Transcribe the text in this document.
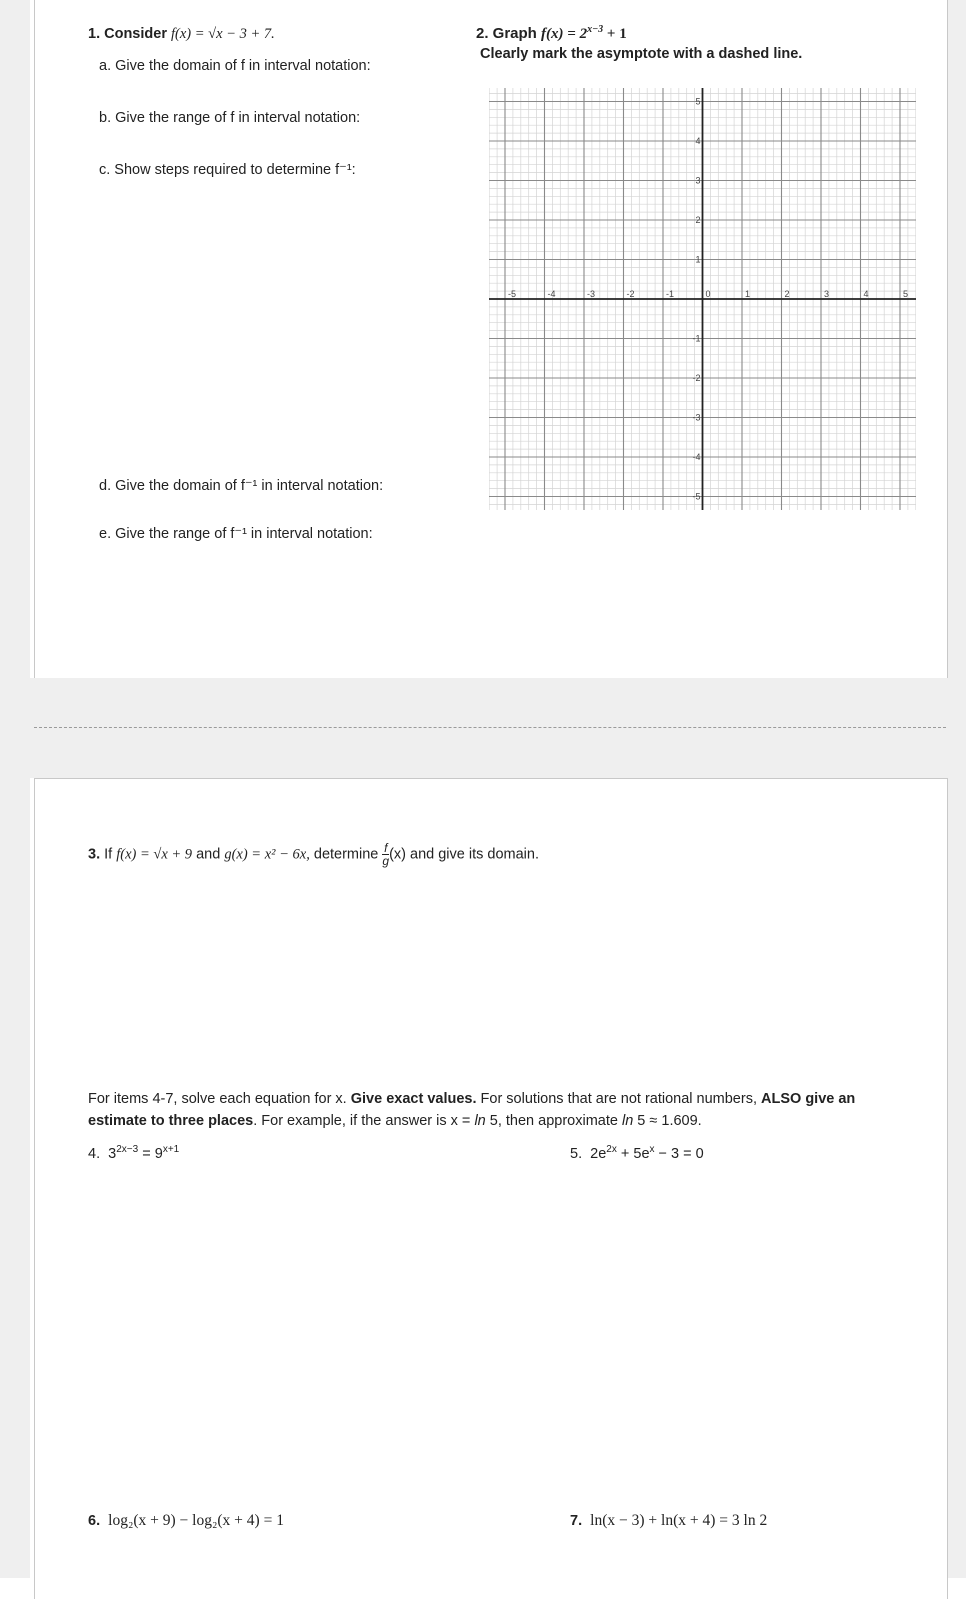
1. Consider f(x) = √x − 3 + 7.
a. Give the domain of f in interval notation:
b. Give the range of f in interval notation:
c. Show steps required to determine f⁻¹:
d. Give the domain of f⁻¹ in interval notation:
e. Give the range of f⁻¹ in interval notation:
2. Graph $f(x) = 2^{x-3} + 1$
Clearly mark the asymptote with a dashed line.
-5	-4	-3	-2	-1	0	1	2	3	4	5
5
4
3
2
1
-1
-2
-3
-4
-5
3. If f(x) = √x + 9 and g(x) = x² − 6x, determine $\frac{f}{g} (x)$ and give its domain.
For items 4-7, solve each equation for x. Give exact values. For solutions that are not rational numbers, ALSO give an
estimate to three places. For example, if the answer is x = ln 5, then approximate ln 5 ≈ 1.609.
4. $3^{2x-3} = 9^{x+1}$	5. $2e^{2x} + 5e^x - 3 = 0$
6. log₂(x + 9) − log₂(x + 4) = 1	7. ln(x − 3) + ln(x + 4) = 3 ln 2
